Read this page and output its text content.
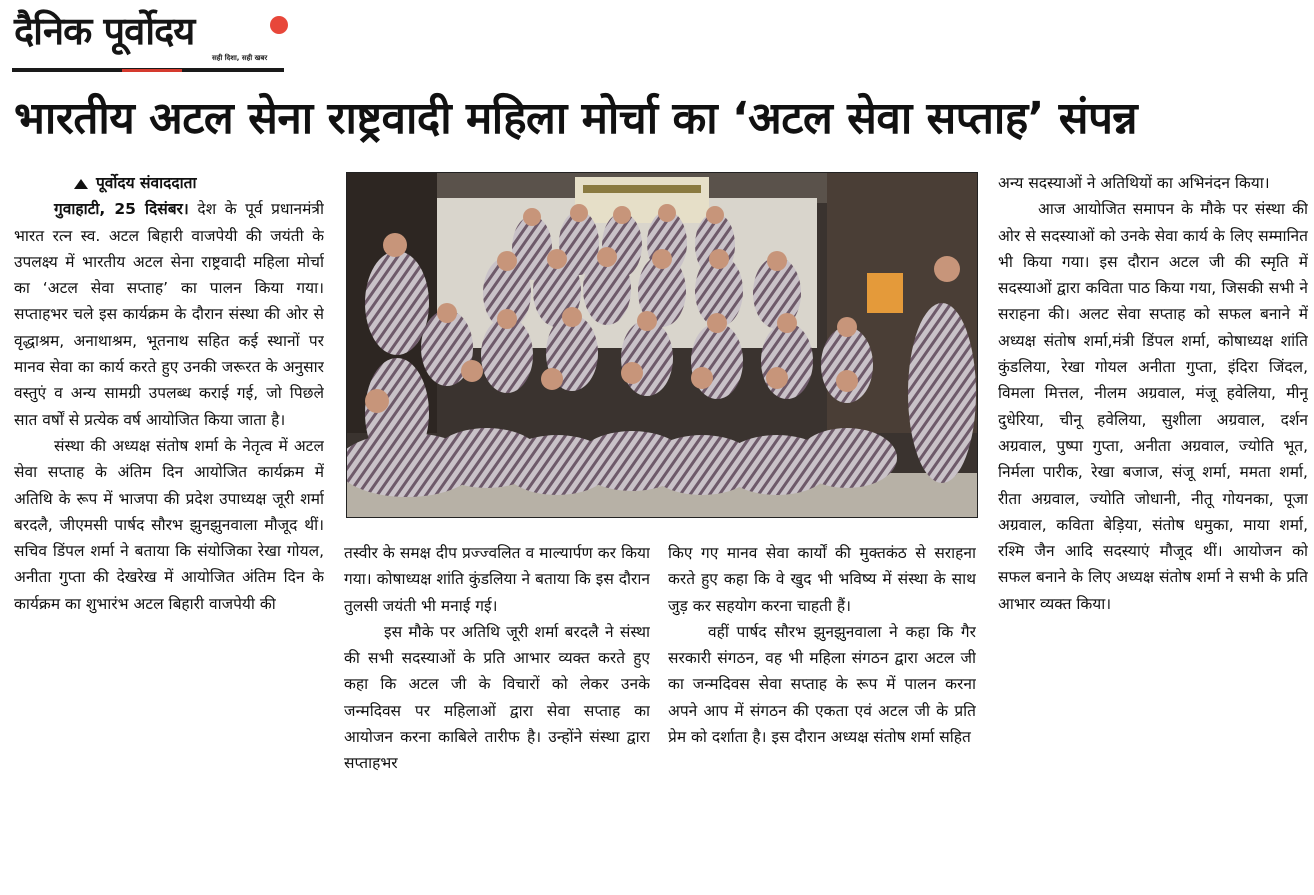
दैनिक पूर्वोदय
सही दिशा, सही खबर
भारतीय अटल सेना राष्ट्रवादी महिला मोर्चा का ‘अटल सेवा सप्ताह’ संपन्न

पूर्वोदय संवाददाता

गुवाहाटी, 25 दिसंबर। देश के पूर्व प्रधानमंत्री भारत रत्न स्व. अटल बिहारी वाजपेयी की जयंती के उपलक्ष्य में भारतीय अटल सेना राष्ट्रवादी महिला मोर्चा का ‘अटल सेवा सप्ताह’ का पालन किया गया। सप्ताहभर चले इस कार्यक्रम के दौरान संस्था की ओर से वृद्धाश्रम, अनाथाश्रम, भूतनाथ सहित कई स्थानों पर मानव सेवा का कार्य करते हुए उनकी जरूरत के अनुसार वस्तुएं व अन्य सामग्री उपलब्ध कराई गई, जो पिछले सात वर्षों से प्रत्येक वर्ष आयोजित किया जाता है।

संस्था की अध्यक्ष संतोष शर्मा के नेतृत्व में अटल सेवा सप्ताह के अंतिम दिन आयोजित कार्यक्रम में अतिथि के रूप में भाजपा की प्रदेश उपाध्यक्ष जूरी शर्मा बरदलै, जीएमसी पार्षद सौरभ झुनझुनवाला मौजूद थीं। सचिव डिंपल शर्मा ने बताया कि संयोजिका रेखा गोयल, अनीता गुप्ता की देखरेख में आयोजित अंतिम दिन के कार्यक्रम का शुभारंभ अटल बिहारी वाजपेयी की

तस्वीर के समक्ष दीप प्रज्ज्वलित व माल्यार्पण कर किया गया। कोषाध्यक्ष शांति कुंडलिया ने बताया कि इस दौरान तुलसी जयंती भी मनाई गई।

इस मौके पर अतिथि जूरी शर्मा बरदलै ने संस्था की सभी सदस्याओं के प्रति आभार व्यक्त करते हुए कहा कि अटल जी के विचारों को लेकर उनके जन्मदिवस पर महिलाओं द्वारा सेवा सप्ताह का आयोजन करना काबिले तारीफ है। उन्होंने संस्था द्वारा सप्ताहभर

किए गए मानव सेवा कार्यों की मुक्तकंठ से सराहना करते हुए कहा कि वे खुद भी भविष्य में संस्था के साथ जुड़ कर सहयोग करना चाहती हैं।

वहीं पार्षद सौरभ झुनझुनवाला ने कहा कि गैर सरकारी संगठन, वह भी महिला संगठन द्वारा अटल जी का जन्मदिवस सेवा सप्ताह के रूप में पालन करना अपने आप में संगठन की एकता एवं अटल जी के प्रति प्रेम को दर्शाता है। इस दौरान अध्यक्ष संतोष शर्मा सहित

अन्य सदस्याओं ने अतिथियों का अभिनंदन किया।

आज आयोजित समापन के मौके पर संस्था की ओर से सदस्याओं को उनके सेवा कार्य के लिए सम्मानित भी किया गया। इस दौरान अटल जी की स्मृति में सदस्याओं द्वारा कविता पाठ किया गया, जिसकी सभी ने सराहना की। अलट सेवा सप्ताह को सफल बनाने में अध्यक्ष संतोष शर्मा,मंत्री डिंपल शर्मा, कोषाध्यक्ष शांति कुंडलिया, रेखा गोयल अनीता गुप्ता, इंदिरा जिंदल, विमला मित्तल, नीलम अग्रवाल, मंजू हवेलिया, मीनू दुधेरिया, चीनू हवेलिया, सुशीला अग्रवाल, दर्शन अग्रवाल, पुष्पा गुप्ता, अनीता अग्रवाल, ज्योति भूत, निर्मला पारीक, रेखा बजाज, संजू शर्मा, ममता शर्मा, रीता अग्रवाल, ज्योति जोधानी, नीतू गोयनका, पूजा अग्रवाल, कविता बेड़िया, संतोष धमुका, माया शर्मा, रश्मि जैन आदि सदस्याएं मौजूद थीं। आयोजन को सफल बनाने के लिए अध्यक्ष संतोष शर्मा ने सभी के प्रति आभार व्यक्त किया।
